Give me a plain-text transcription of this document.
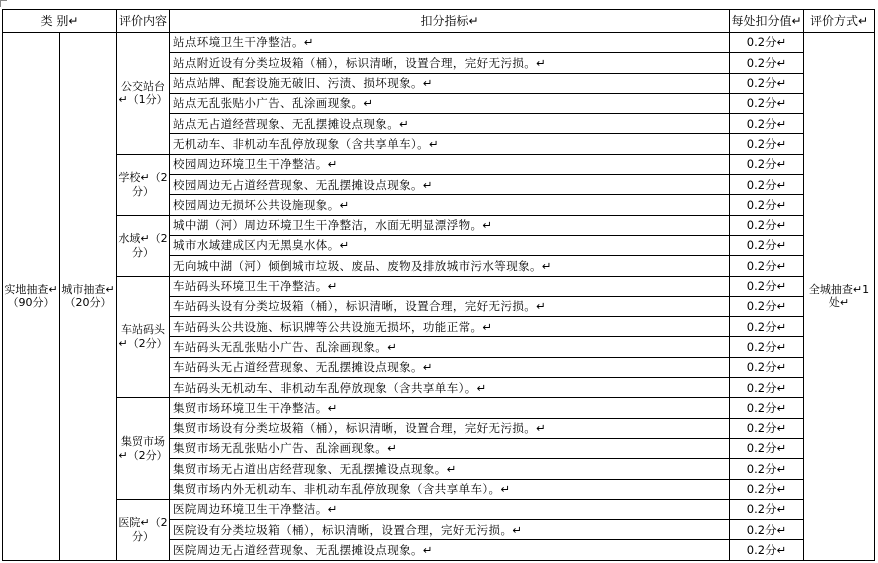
类 别↵		评价内容	扣分指标↵	每处扣分值↵	评价方式↵
实地抽查↵（90分）	城市抽查↵（20分）	公交站台↵（1分）	站点环境卫生干净整洁。↵	0.2分↵	全城抽查↵1处↵
			站点附近设有分类垃圾箱（桶），标识清晰，设置合理，完好无污损。↵	0.2分↵	
			站点站牌、配套设施无破旧、污渍、损坏现象。↵	0.2分↵	
			站点无乱张贴小广告、乱涂画现象。↵	0.2分↵	
			站点无占道经营现象、无乱摆摊设点现象。↵	0.2分↵	
			无机动车、非机动车乱停放现象（含共享单车）。↵	0.2分↵	
		学校↵（2分）	校园周边环境卫生干净整洁。↵	0.2分↵	
			校园周边无占道经营现象、无乱摆摊设点现象。↵	0.2分↵	
			校园周边无损坏公共设施现象。↵	0.2分↵	
		水域↵（2分）	城中湖（河）周边环境卫生干净整洁，水面无明显漂浮物。↵	0.2分↵	
			城市水域建成区内无黑臭水体。↵	0.2分↵	
			无向城中湖（河）倾倒城市垃圾、废品、废物及排放城市污水等现象。↵	0.2分↵	
		车站码头↵（2分）	车站码头环境卫生干净整洁。↵	0.2分↵	
			车站码头设有分类垃圾箱（桶），标识清晰，设置合理，完好无污损。↵	0.2分↵	
			车站码头公共设施、标识牌等公共设施无损坏，功能正常。↵	0.2分↵	
			车站码头无乱张贴小广告、乱涂画现象。↵	0.2分↵	
			车站码头无占道经营现象、无乱摆摊设点现象。↵	0.2分↵	
			车站码头无机动车、非机动车乱停放现象（含共享单车）。↵	0.2分↵	
		集贸市场↵（2分）	集贸市场环境卫生干净整洁。↵	0.2分↵	
			集贸市场设有分类垃圾箱（桶），标识清晰，设置合理，完好无污损。↵	0.2分↵	
			集贸市场无乱张贴小广告、乱涂画现象。↵	0.2分↵	
			集贸市场无占道出店经营现象、无乱摆摊设点现象。↵	0.2分↵	
			集贸市场内外无机动车、非机动车乱停放现象（含共享单车）。↵	0.2分↵	
		医院↵（2分）	医院周边环境卫生干净整洁。↵	0.2分↵	
			医院设有分类垃圾箱（桶），标识清晰，设置合理，完好无污损。↵	0.2分↵	
			医院周边无占道经营现象、无乱摆摊设点现象。↵	0.2分↵	
